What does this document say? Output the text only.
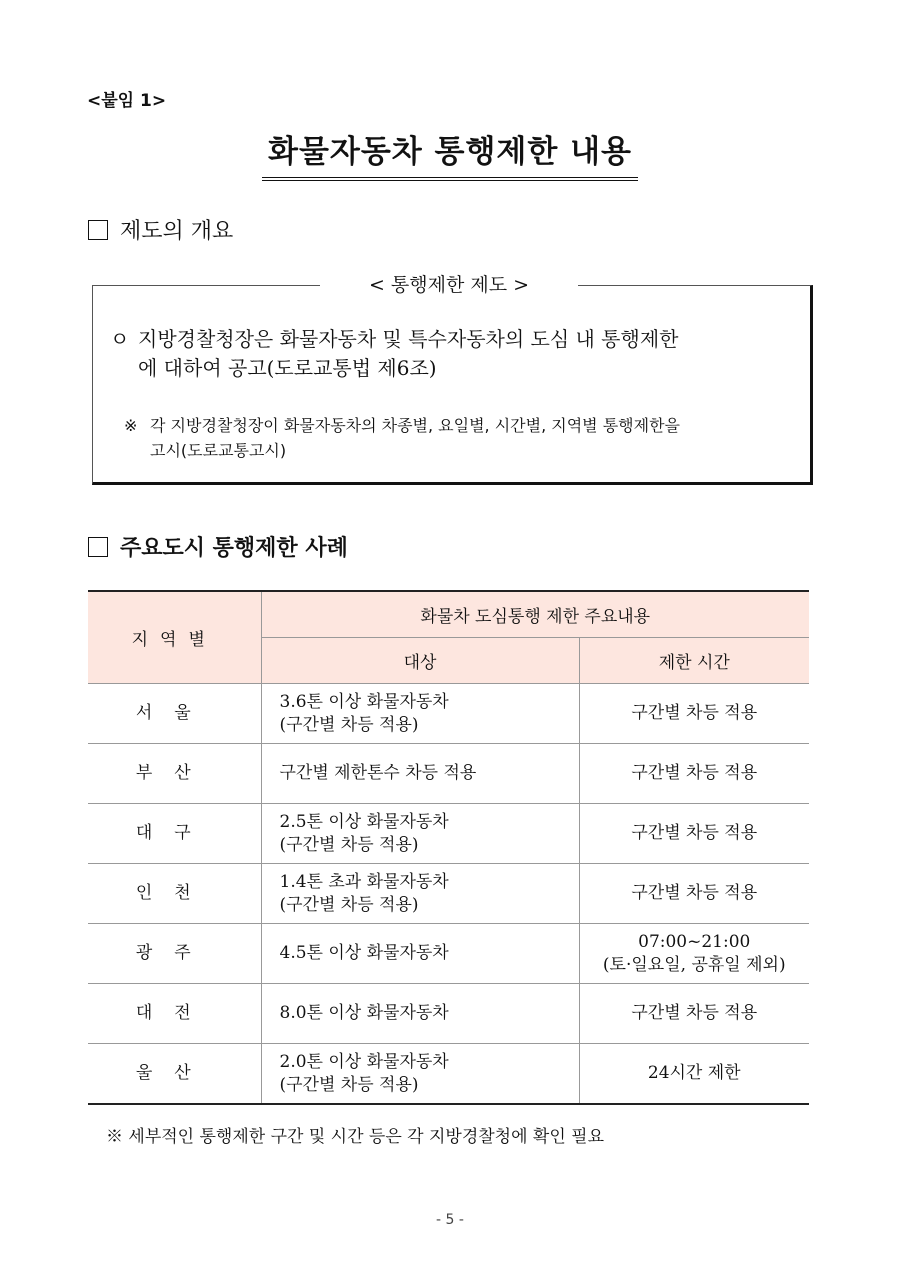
<붙임 1>
화물자동차 통행제한 내용
제도의 개요
< 통행제한 제도 >
ㅇ 지방경찰청장은 화물자동차 및 특수자동차의 도심 내 통행제한
에 대하여 공고(도로교통법 제6조)
※ 각 지방경찰청장이 화물자동차의 차종별, 요일별, 시간별, 지역별 통행제한을
고시(도로교통고시)
주요도시 통행제한 사례
지역별	화물차 도심통행 제한 주요내용	
	대상	제한 시간

서울	3.6톤 이상 화물자동차
(구간별 차등 적용)	구간별 차등 적용

부산	구간별 제한톤수 차등 적용	구간별 차등 적용

대구	2.5톤 이상 화물자동차
(구간별 차등 적용)	구간별 차등 적용

인천	1.4톤 초과 화물자동차
(구간별 차등 적용)	구간별 차등 적용

광주	4.5톤 이상 화물자동차	07:00~21:00
(토·일요일, 공휴일 제외)

대전	8.0톤 이상 화물자동차	구간별 차등 적용

울산	2.0톤 이상 화물자동차
(구간별 차등 적용)	24시간 제한
※ 세부적인 통행제한 구간 및 시간 등은 각 지방경찰청에 확인 필요
- 5 -
